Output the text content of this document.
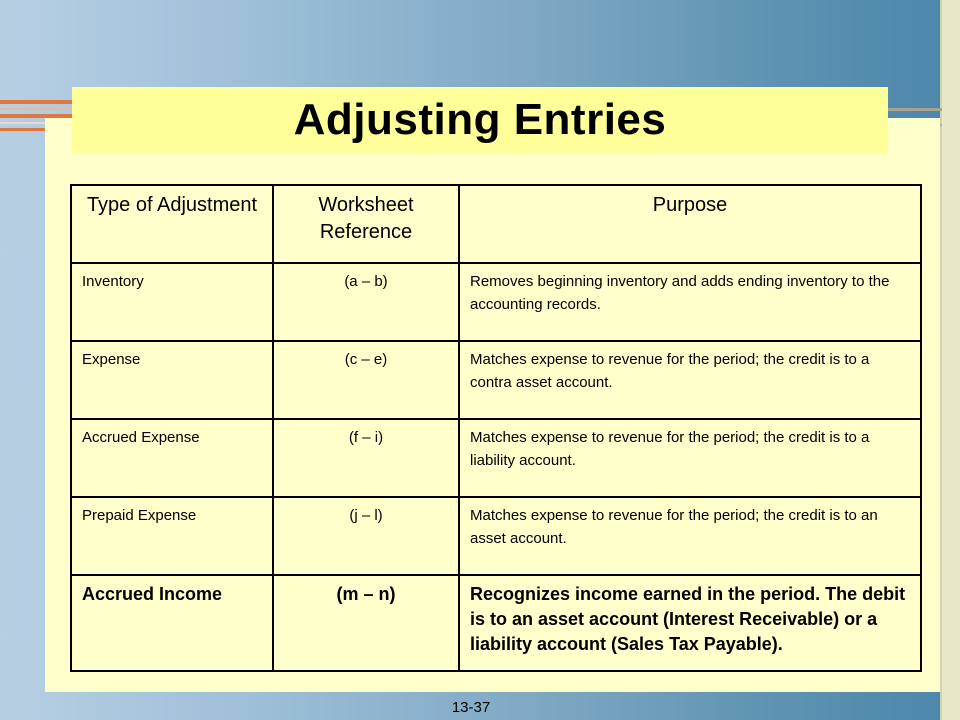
Adjusting Entries
Type of Adjustment	Worksheet Reference	Purpose
Inventory	(a – b)	Removes beginning inventory and adds ending inventory to the accounting records.
Expense	(c – e)	Matches expense to revenue for the period; the credit is to a contra asset account.
Accrued Expense	(f – i)	Matches expense to revenue for the period; the credit is to a liability account.
Prepaid Expense	(j – l)	Matches expense to revenue for the period; the credit is to an asset account.
Accrued Income	(m – n)	Recognizes income earned in the period. The debit is to an asset account (Interest Receivable) or a liability account (Sales Tax Payable).
13-37
